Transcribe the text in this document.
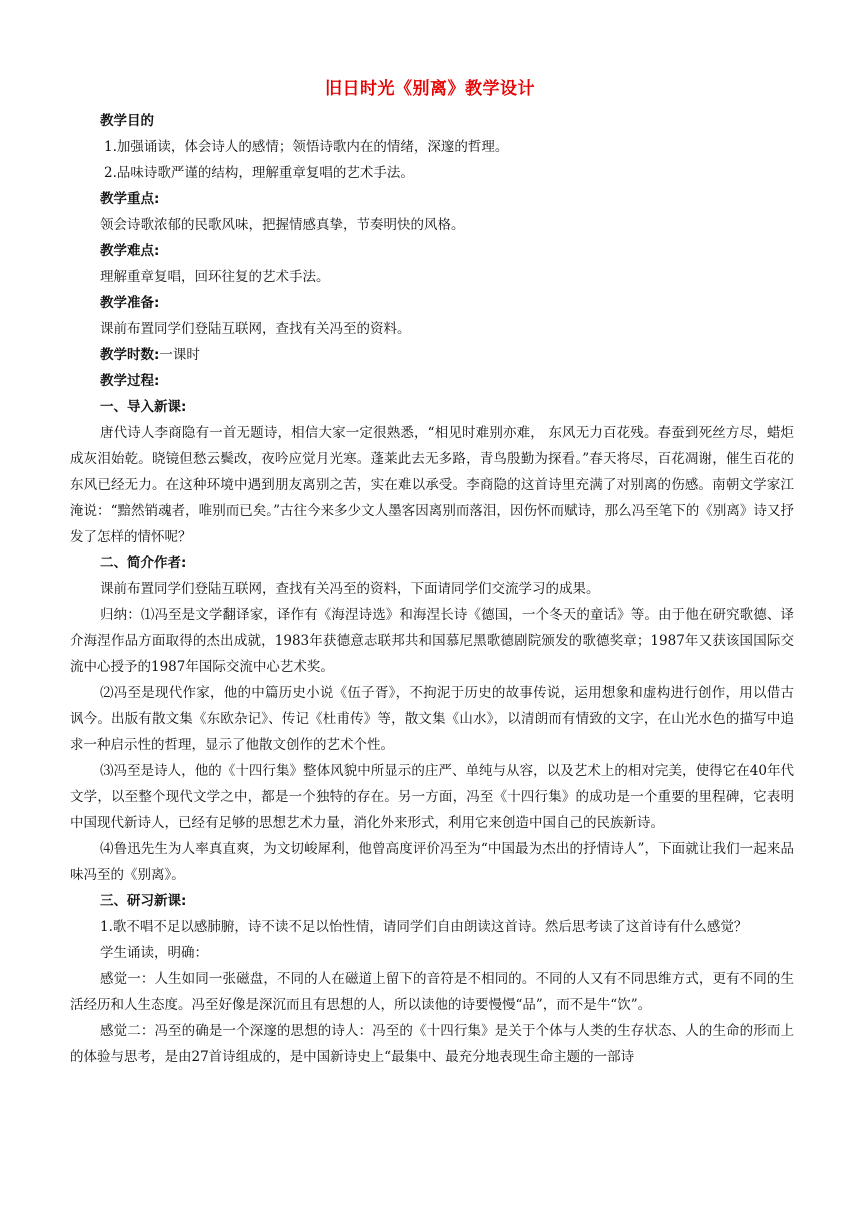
旧日时光《别离》教学设计

教学目的

1.加强诵读，体会诗人的感情；领悟诗歌内在的情绪，深邃的哲理。

2.品味诗歌严谨的结构，理解重章复唱的艺术手法。

教学重点:

领会诗歌浓郁的民歌风味，把握情感真挚，节奏明快的风格。

教学难点:

理解重章复唱，回环往复的艺术手法。

教学准备:

课前布置同学们登陆互联网，查找有关冯至的资料。

教学时数:一课时

教学过程:

一、导入新课:

唐代诗人李商隐有一首无题诗，相信大家一定很熟悉，“相见时难别亦难， 东风无力百花残。春蚕到死丝方尽，蜡炬成灰泪始乾。晓镜但愁云鬓改，夜吟应觉月光寒。蓬莱此去无多路，青鸟殷勤为探看。”春天将尽，百花凋谢，催生百花的东风已经无力。在这种环境中遇到朋友离别之苦，实在难以承受。李商隐的这首诗里充满了对别离的伤感。南朝文学家江淹说：“黯然销魂者，唯别而已矣。”古往今来多少文人墨客因离别而落泪，因伤怀而赋诗，那么冯至笔下的《别离》诗又抒发了怎样的情怀呢？

二、简介作者:

课前布置同学们登陆互联网，查找有关冯至的资料，下面请同学们交流学习的成果。

归纳：⑴冯至是文学翻译家，译作有《海涅诗选》和海涅长诗《德国，一个冬天的童话》等。由于他在研究歌德、译介海涅作品方面取得的杰出成就，1983年获德意志联邦共和国慕尼黑歌德剧院颁发的歌德奖章；1987年又获该国国际交流中心授予的1987年国际交流中心艺术奖。

⑵冯至是现代作家，他的中篇历史小说《伍子胥》，不拘泥于历史的故事传说，运用想象和虚构进行创作，用以借古讽今。出版有散文集《东欧杂记》、传记《杜甫传》等，散文集《山水》，以清朗而有情致的文字，在山光水色的描写中追求一种启示性的哲理，显示了他散文创作的艺术个性。

⑶冯至是诗人，他的《十四行集》整体风貌中所显示的庄严、单纯与从容，以及艺术上的相对完美，使得它在40年代文学，以至整个现代文学之中，都是一个独特的存在。另一方面，冯至《十四行集》的成功是一个重要的里程碑，它表明中国现代新诗人，已经有足够的思想艺术力量，消化外来形式，利用它来创造中国自己的民族新诗。

⑷鲁迅先生为人率真直爽，为文切峻犀利，他曾高度评价冯至为“中国最为杰出的抒情诗人”，下面就让我们一起来品味冯至的《别离》。

三、研习新课:

1.歌不唱不足以感肺腑，诗不读不足以怡性情，请同学们自由朗读这首诗。然后思考读了这首诗有什么感觉？

学生诵读，明确：

感觉一：人生如同一张磁盘，不同的人在磁道上留下的音符是不相同的。不同的人又有不同思维方式，更有不同的生活经历和人生态度。冯至好像是深沉而且有思想的人，所以读他的诗要慢慢“品”，而不是牛“饮”。

感觉二：冯至的确是一个深邃的思想的诗人：冯至的《十四行集》是关于个体与人类的生存状态、人的生命的形而上的体验与思考，是由27首诗组成的，是中国新诗史上“最集中、最充分地表现生命主题的一部诗
